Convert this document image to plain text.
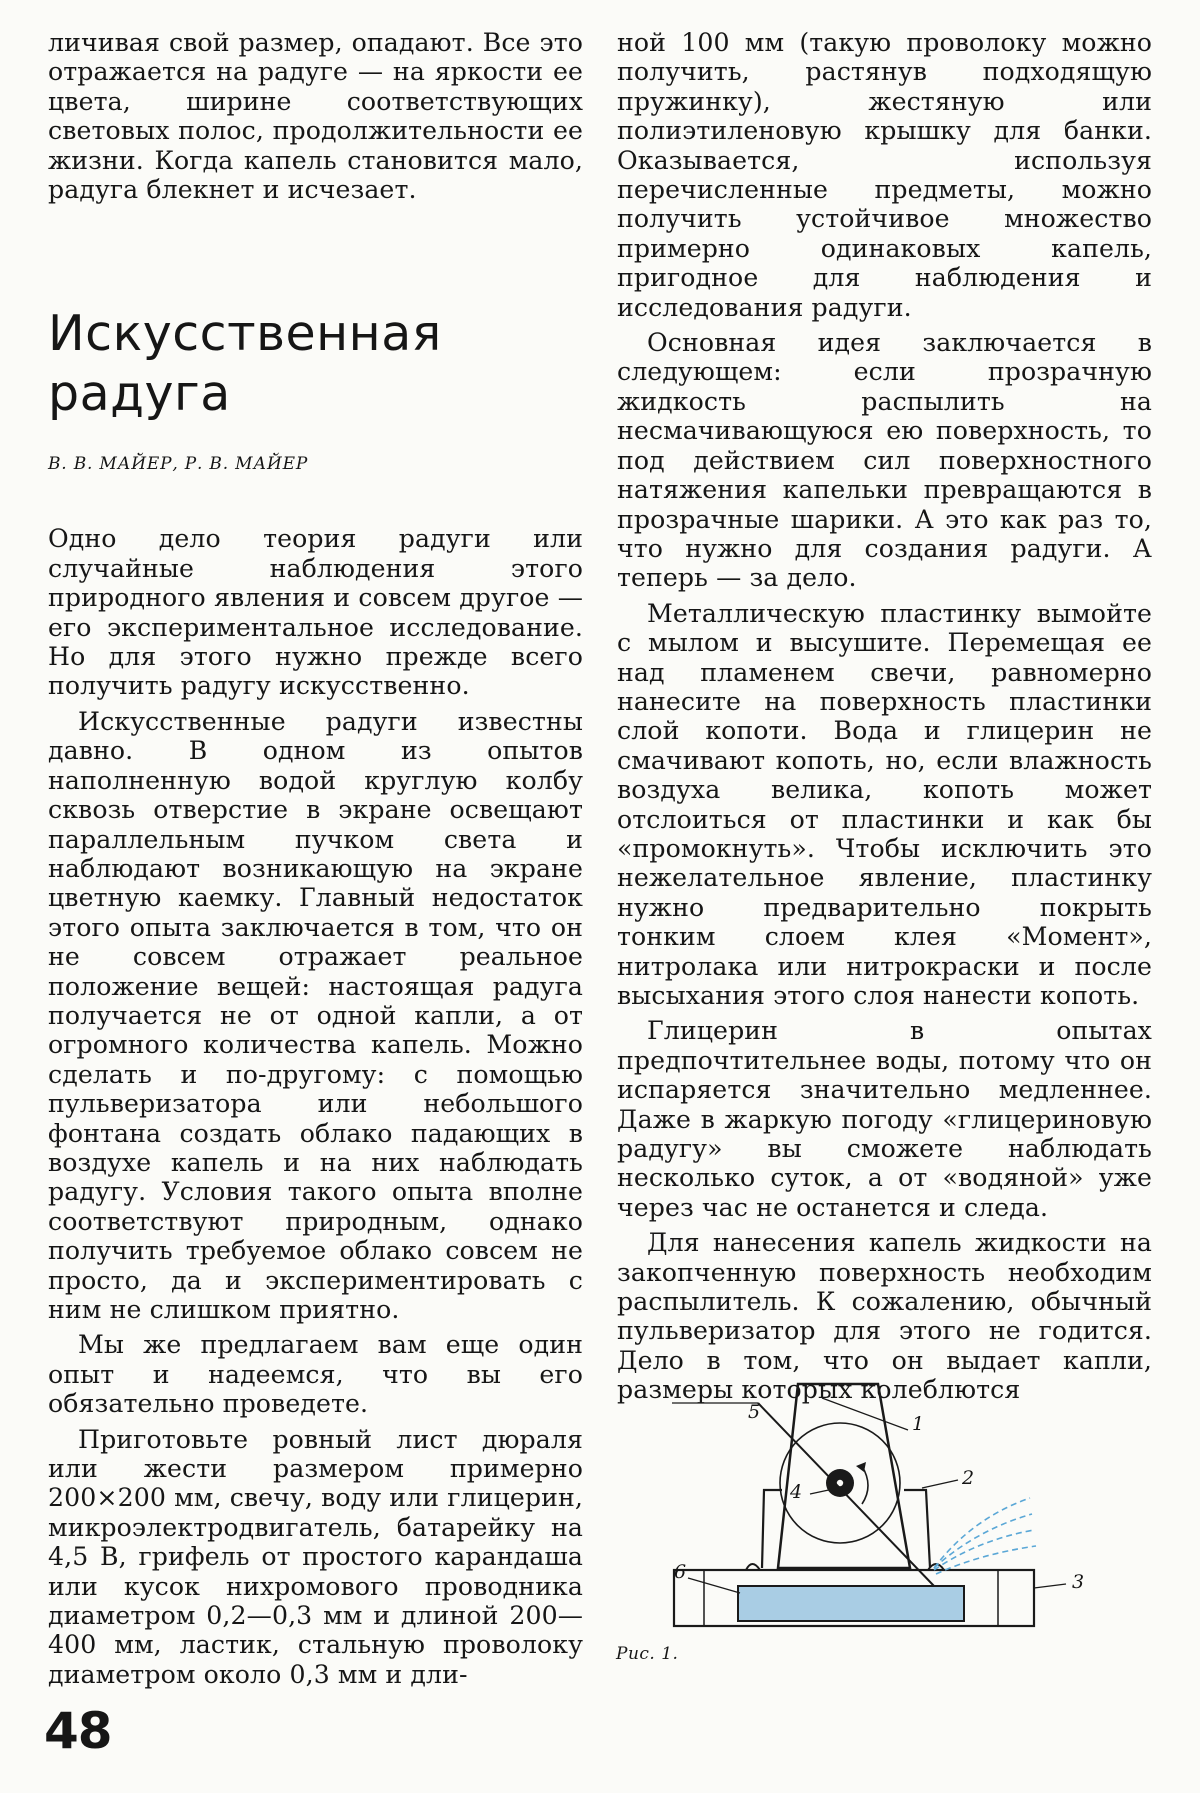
личивая свой размер, опадают. Все это отражается на радуге — на яркости ее цвета, ширине соответствующих световых полос, продолжительности ее жизни. Когда капель становится мало, радуга блекнет и исчезает.

Искусственная радуга
В. В. МАЙЕР, Р. В. МАЙЕР

Одно дело теория радуги или случайные наблюдения этого природного явления и совсем другое — его экспериментальное исследование. Но для этого нужно прежде всего получить радугу искусственно.

Искусственные радуги известны давно. В одном из опытов наполненную водой круглую колбу сквозь отверстие в экране освещают параллельным пучком света и наблюдают возникающую на экране цветную каемку. Главный недостаток этого опыта заключается в том, что он не совсем отражает реальное положение вещей: настоящая радуга получается не от одной капли, а от огромного количества капель. Можно сделать и по-другому: с помощью пульверизатора или небольшого фонтана создать облако падающих в воздухе капель и на них наблюдать радугу. Условия такого опыта вполне соответствуют природным, однако получить требуемое облако совсем не просто, да и экспериментировать с ним не слишком приятно.

Мы же предлагаем вам еще один опыт и надеемся, что вы его обязательно проведете.

Приготовьте ровный лист дюраля или жести размером примерно 200×200 мм, свечу, воду или глицерин, микроэлектродвигатель, батарейку на 4,5 В, грифель от простого карандаша или кусок нихромового проводника диаметром 0,2—0,3 мм и длиной 200—400 мм, ластик, стальную проволоку диаметром около 0,3 мм и дли-

ной 100 мм (такую проволоку можно получить, растянув подходящую пружинку), жестяную или полиэтиленовую крышку для банки. Оказывается, используя перечисленные предметы, можно получить устойчивое множество примерно одинаковых капель, пригодное для наблюдения и исследования радуги.

Основная идея заключается в следующем: если прозрачную жидкость распылить на несмачивающуюся ею поверхность, то под действием сил поверхностного натяжения капельки превращаются в прозрачные шарики. А это как раз то, что нужно для создания радуги. А теперь — за дело.

Металлическую пластинку вымойте с мылом и высушите. Перемещая ее над пламенем свечи, равномерно нанесите на поверхность пластинки слой копоти. Вода и глицерин не смачивают копоть, но, если влажность воздуха велика, копоть может отслоиться от пластинки и как бы «промокнуть». Чтобы исключить это нежелательное явление, пластинку нужно предварительно покрыть тонким слоем клея «Момент», нитролака или нитрокраски и после высыхания этого слоя нанести копоть.

Глицерин в опытах предпочтительнее воды, потому что он испаряется значительно медленнее. Даже в жаркую погоду «глицериновую радугу» вы сможете наблюдать несколько суток, а от «водяной» уже через час не останется и следа.

Для нанесения капель жидкости на закопченную поверхность необходим распылитель. К сожалению, обычный пульверизатор для этого не годится. Дело в том, что он выдает капли, размеры которых колеблются

1
2
3
4
5
6
Рис. 1.
48
